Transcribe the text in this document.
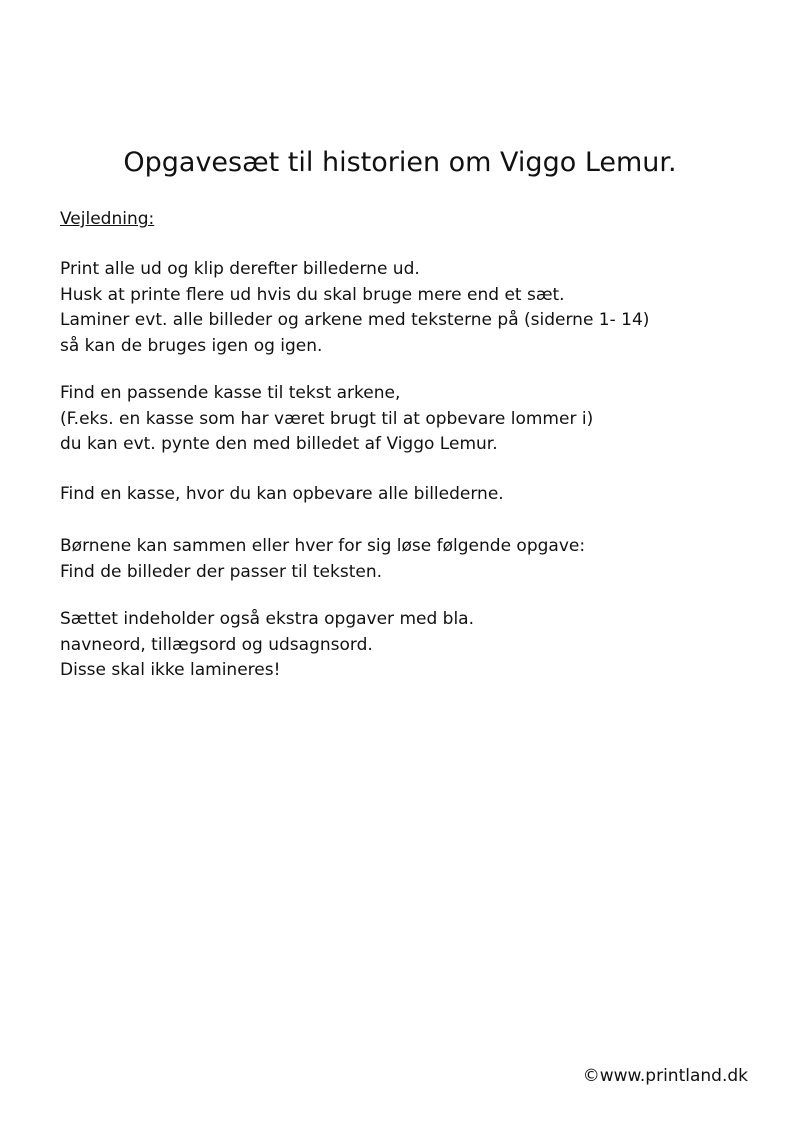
Opgavesæt til historien om Viggo Lemur.

Vejledning:

Print alle ud og klip derefter billederne ud.
Husk at printe flere ud hvis du skal bruge mere end et sæt.
Laminer evt. alle billeder og arkene med teksterne på (siderne 1- 14)
så kan de bruges igen og igen.
Find en passende kasse til tekst arkene,
(F.eks. en kasse som har været brugt til at opbevare lommer i)
du kan evt. pynte den med billedet af Viggo Lemur.
Find en kasse, hvor du kan opbevare alle billederne.
Børnene kan sammen eller hver for sig løse følgende opgave:
Find de billeder der passer til teksten.
Sættet indeholder også ekstra opgaver med bla.
navneord, tillægsord og udsagnsord.
Disse skal ikke lamineres!

©www.printland.dk
